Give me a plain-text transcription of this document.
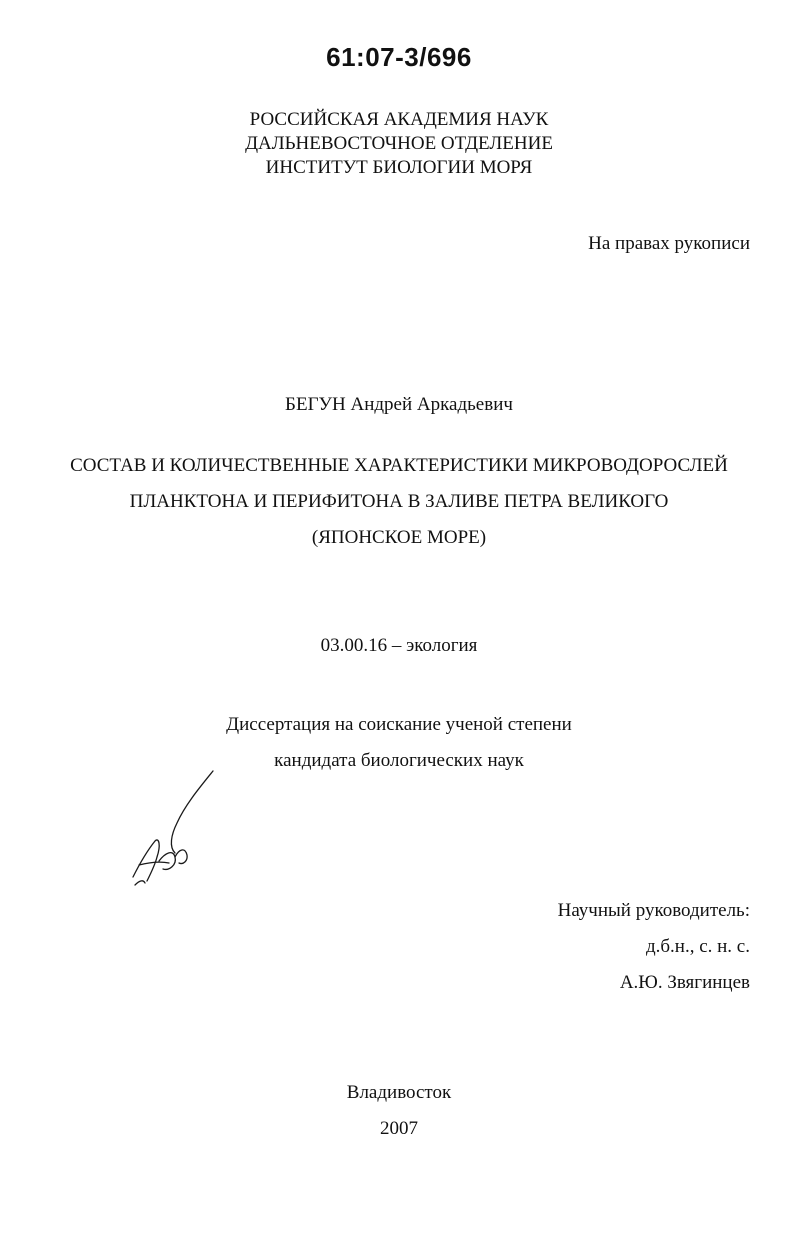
61:07-3/696
РОССИЙСКАЯ АКАДЕМИЯ НАУК
ДАЛЬНЕВОСТОЧНОЕ ОТДЕЛЕНИЕ
ИНСТИТУТ БИОЛОГИИ МОРЯ
На правах рукописи
БЕГУН Андрей Аркадьевич
СОСТАВ И КОЛИЧЕСТВЕННЫЕ ХАРАКТЕРИСТИКИ МИКРОВОДОРОСЛЕЙ
ПЛАНКТОНА И ПЕРИФИТОНА В ЗАЛИВЕ ПЕТРА ВЕЛИКОГО
(ЯПОНСКОЕ МОРЕ)
03.00.16 – экология
Диссертация на соискание ученой степени
кандидата биологических наук
Научный руководитель:
д.б.н., с. н. с.
А.Ю. Звягинцев
Владивосток
2007
